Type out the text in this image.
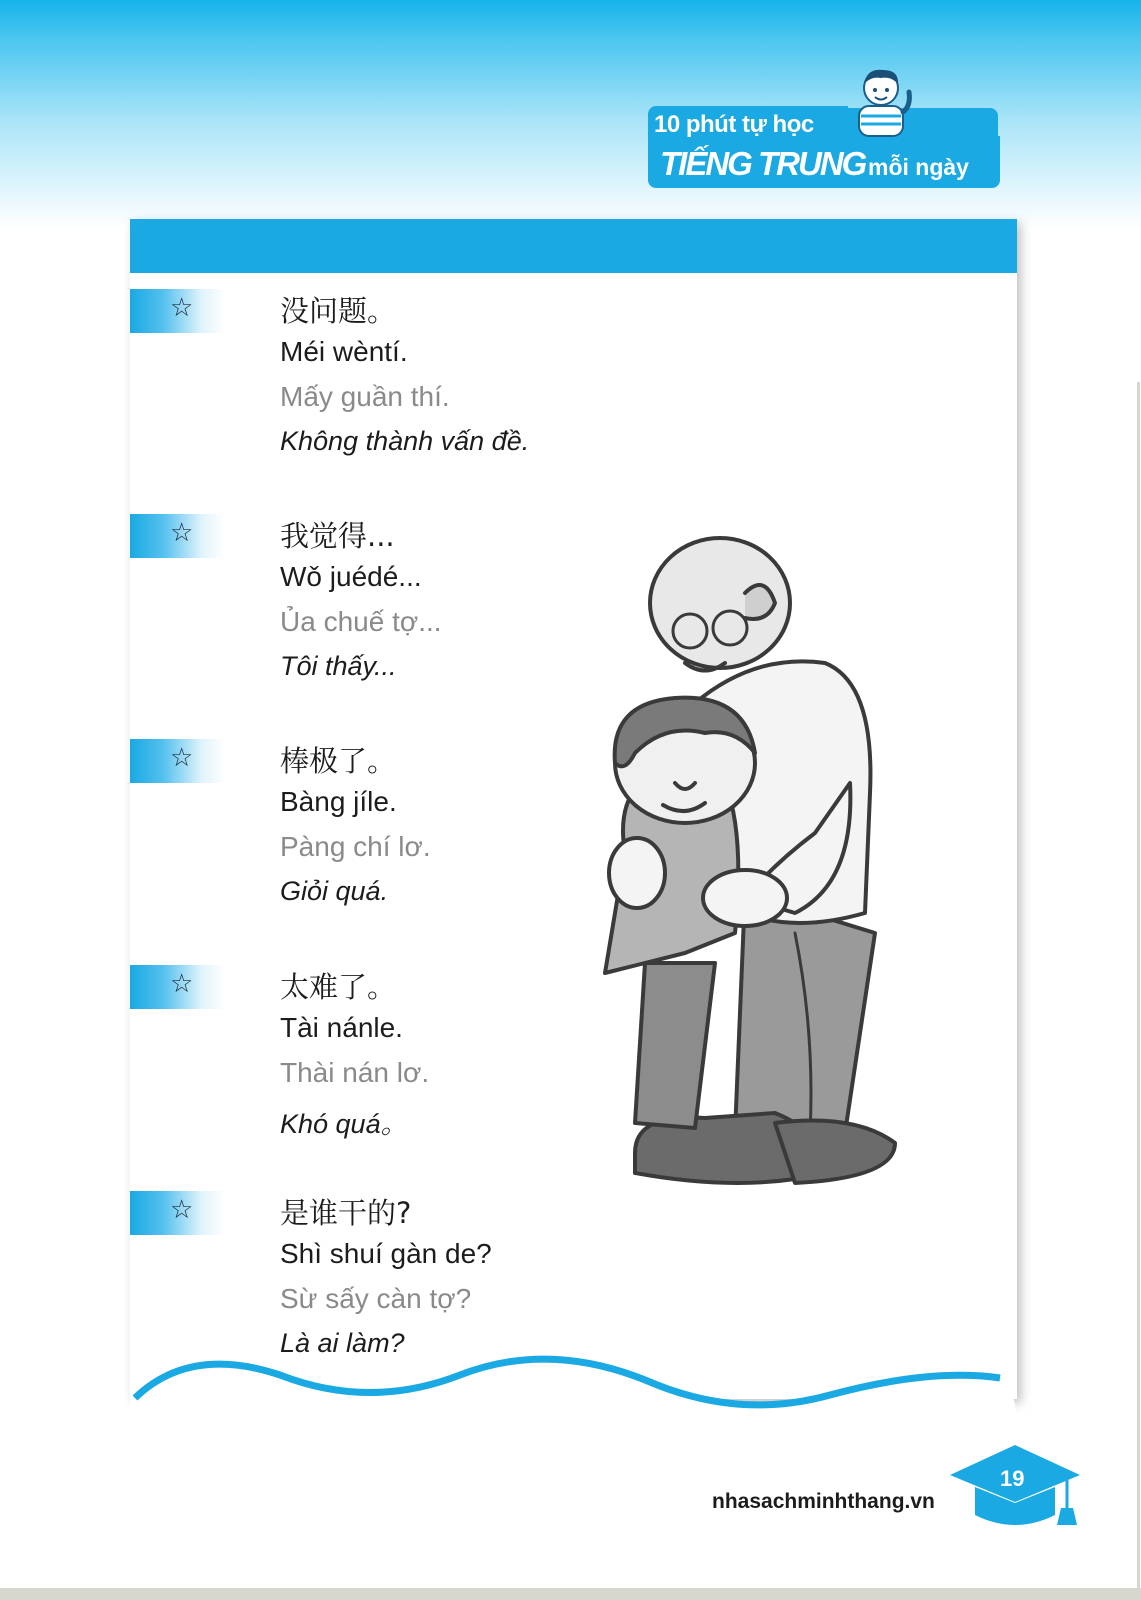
10 phút tự học
TIẾNG TRUNG mỗi ngày
☆	没问题。
Méi wèntí.
Mấy guần thí.
Không thành vấn đề.
☆	我觉得...
Wǒ juédé...
Ủa chuế tợ...
Tôi thấy...
☆	棒极了。
Bàng jíle.
Pàng chí lơ.
Giỏi quá.
☆	太难了。
Tài nánle.
Thài nán lơ.
Khó quá。
☆	是谁干的?
Shì shuí gàn de?
Sừ sấy càn tợ?
Là ai làm?
nhasachminhthang.vn
19
